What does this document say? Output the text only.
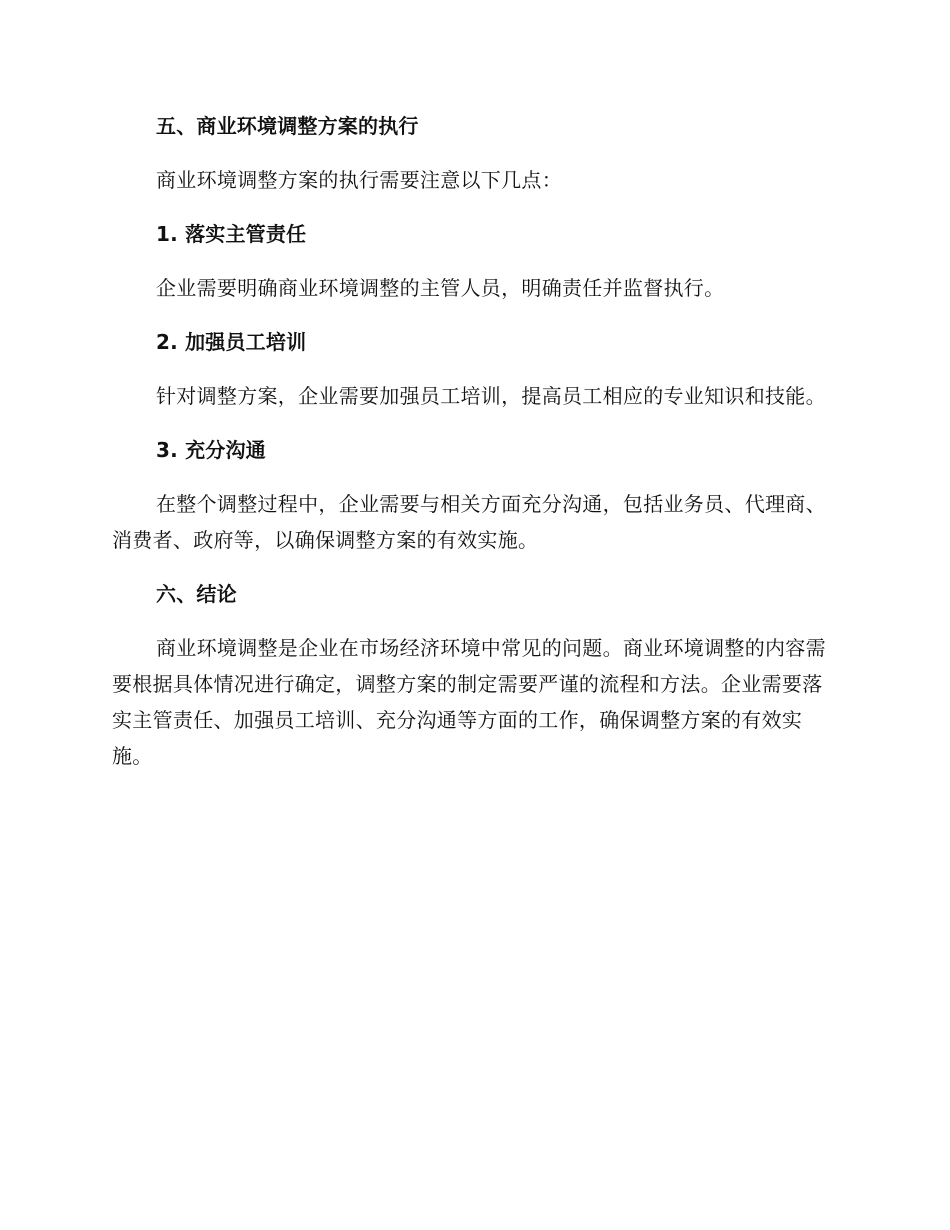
五、商业环境调整方案的执行

商业环境调整方案的执行需要注意以下几点：

1. 落实主管责任

企业需要明确商业环境调整的主管人员，明确责任并监督执行。

2. 加强员工培训

针对调整方案，企业需要加强员工培训，提高员工相应的专业知识和技能。

3. 充分沟通

在整个调整过程中，企业需要与相关方面充分沟通，包括业务员、代理商、消费者、政府等，以确保调整方案的有效实施。

六、结论

商业环境调整是企业在市场经济环境中常见的问题。商业环境调整的内容需要根据具体情况进行确定，调整方案的制定需要严谨的流程和方法。企业需要落实主管责任、加强员工培训、充分沟通等方面的工作，确保调整方案的有效实施。
